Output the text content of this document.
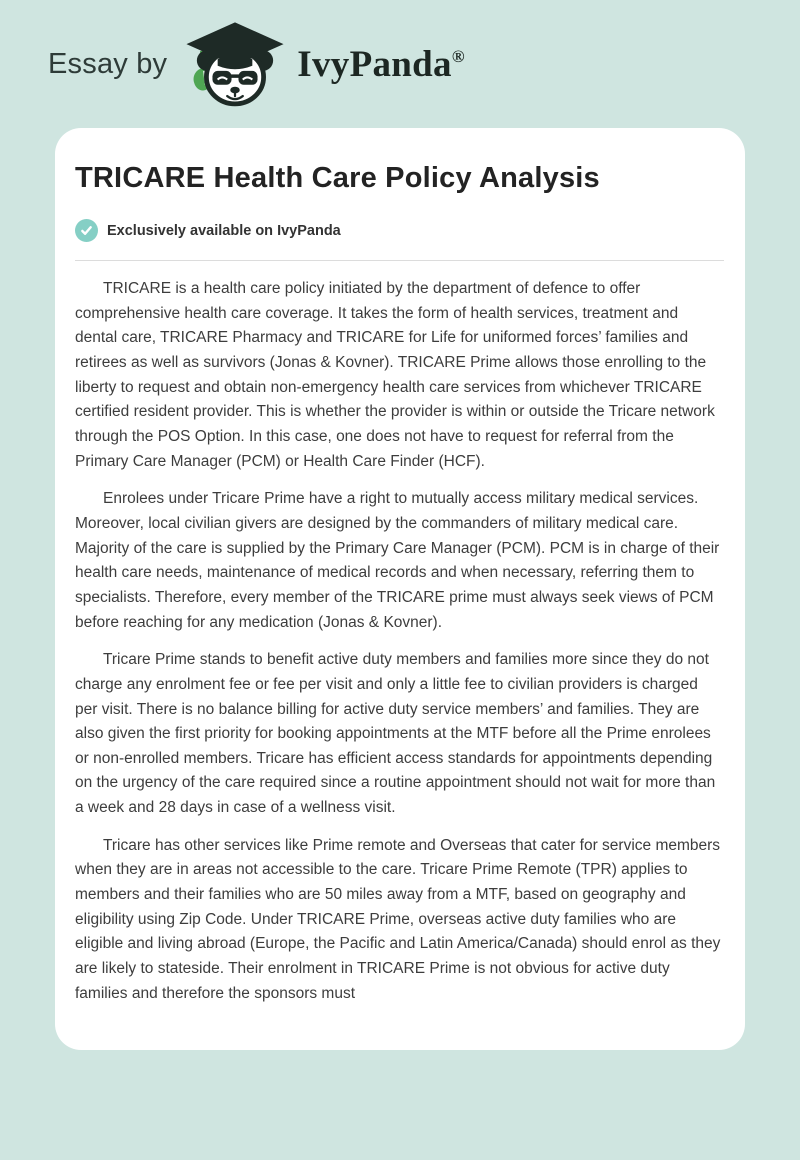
Essay by	IvyPanda®
TRICARE Health Care Policy Analysis
Exclusively available on IvyPanda

TRICARE is a health care policy initiated by the department of defence to offer comprehensive health care coverage. It takes the form of health services, treatment and dental care, TRICARE Pharmacy and TRICARE for Life for uniformed forces’ families and retirees as well as survivors (Jonas & Kovner). TRICARE Prime allows those enrolling to the liberty to request and obtain non-emergency health care services from whichever TRICARE certified resident provider. This is whether the provider is within or outside the Tricare network through the POS Option. In this case, one does not have to request for referral from the Primary Care Manager (PCM) or Health Care Finder (HCF).

Enrolees under Tricare Prime have a right to mutually access military medical services. Moreover, local civilian givers are designed by the commanders of military medical care. Majority of the care is supplied by the Primary Care Manager (PCM). PCM is in charge of their health care needs, maintenance of medical records and when necessary, referring them to specialists. Therefore, every member of the TRICARE prime must always seek views of PCM before reaching for any medication (Jonas & Kovner).

Tricare Prime stands to benefit active duty members and families more since they do not charge any enrolment fee or fee per visit and only a little fee to civilian providers is charged per visit. There is no balance billing for active duty service members’ and families. They are also given the first priority for booking appointments at the MTF before all the Prime enrolees or non-enrolled members. Tricare has efficient access standards for appointments depending on the urgency of the care required since a routine appointment should not wait for more than a week and 28 days in case of a wellness visit.

Tricare has other services like Prime remote and Overseas that cater for service members when they are in areas not accessible to the care. Tricare Prime Remote (TPR) applies to members and their families who are 50 miles away from a MTF, based on geography and eligibility using Zip Code. Under TRICARE Prime, overseas active duty families who are eligible and living abroad (Europe, the Pacific and Latin America/Canada) should enrol as they are likely to stateside. Their enrolment in TRICARE Prime is not obvious for active duty families and therefore the sponsors must
